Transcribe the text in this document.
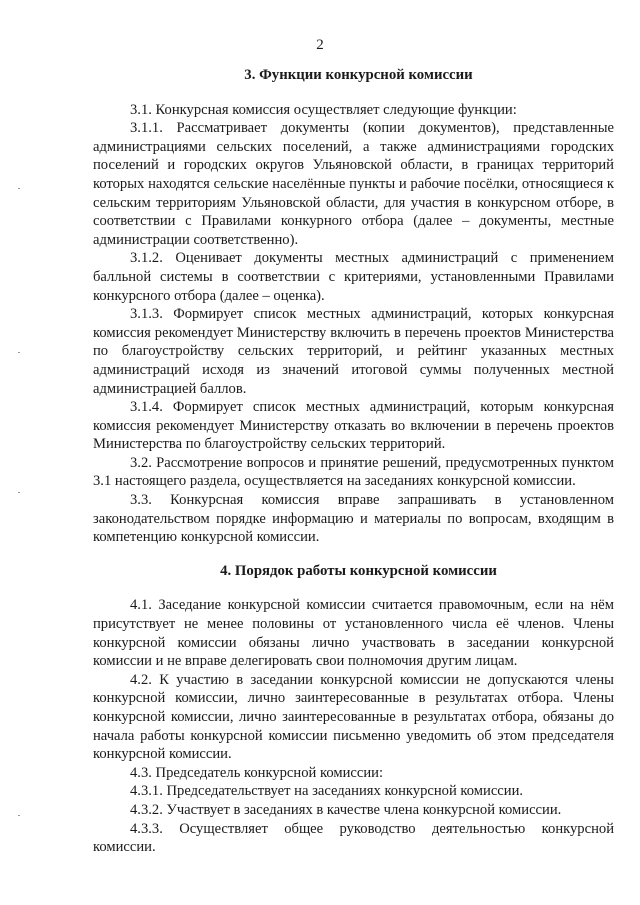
2
3. Функции конкурсной комиссии

3.1. Конкурсная комиссия осуществляет следующие функции:

3.1.1. Рассматривает документы (копии документов), представленные администрациями сельских поселений, а также администрациями городских поселений и городских округов Ульяновской области, в границах территорий которых находятся сельские населённые пункты и рабочие посёлки, относящиеся к сельским территориям Ульяновской области, для участия в конкурсном отборе, в соответствии с Правилами конкурного отбора (далее – документы, местные администрации соответственно).

3.1.2. Оценивает документы местных администраций с применением балльной системы в соответствии с критериями, установленными Правилами конкурсного отбора (далее – оценка).

3.1.3. Формирует список местных администраций, которых конкурсная комиссия рекомендует Министерству включить в перечень проектов Министерства по благоустройству сельских территорий, и рейтинг указанных местных администраций исходя из значений итоговой суммы полученных местной администрацией баллов.

3.1.4. Формирует список местных администраций, которым конкурсная комиссия рекомендует Министерству отказать во включении в перечень проектов Министерства по благоустройству сельских территорий.

3.2. Рассмотрение вопросов и принятие решений, предусмотренных пунктом 3.1 настоящего раздела, осуществляется на заседаниях конкурсной комиссии.

3.3. Конкурсная комиссия вправе запрашивать в установленном законодательством порядке информацию и материалы по вопросам, входящим в компетенцию конкурсной комиссии.

4. Порядок работы конкурсной комиссии

4.1. Заседание конкурсной комиссии считается правомочным, если на нём присутствует не менее половины от установленного числа её членов. Члены конкурсной комиссии обязаны лично участвовать в заседании конкурсной комиссии и не вправе делегировать свои полномочия другим лицам.

4.2. К участию в заседании конкурсной комиссии не допускаются члены конкурсной комиссии, лично заинтересованные в результатах отбора. Члены конкурсной комиссии, лично заинтересованные в результатах отбора, обязаны до начала работы конкурсной комиссии письменно уведомить об этом председателя конкурсной комиссии.

4.3. Председатель конкурсной комиссии:

4.3.1. Председательствует на заседаниях конкурсной комиссии.

4.3.2. Участвует в заседаниях в качестве члена конкурсной комиссии.

4.3.3. Осуществляет общее руководство деятельностью конкурсной комиссии.
